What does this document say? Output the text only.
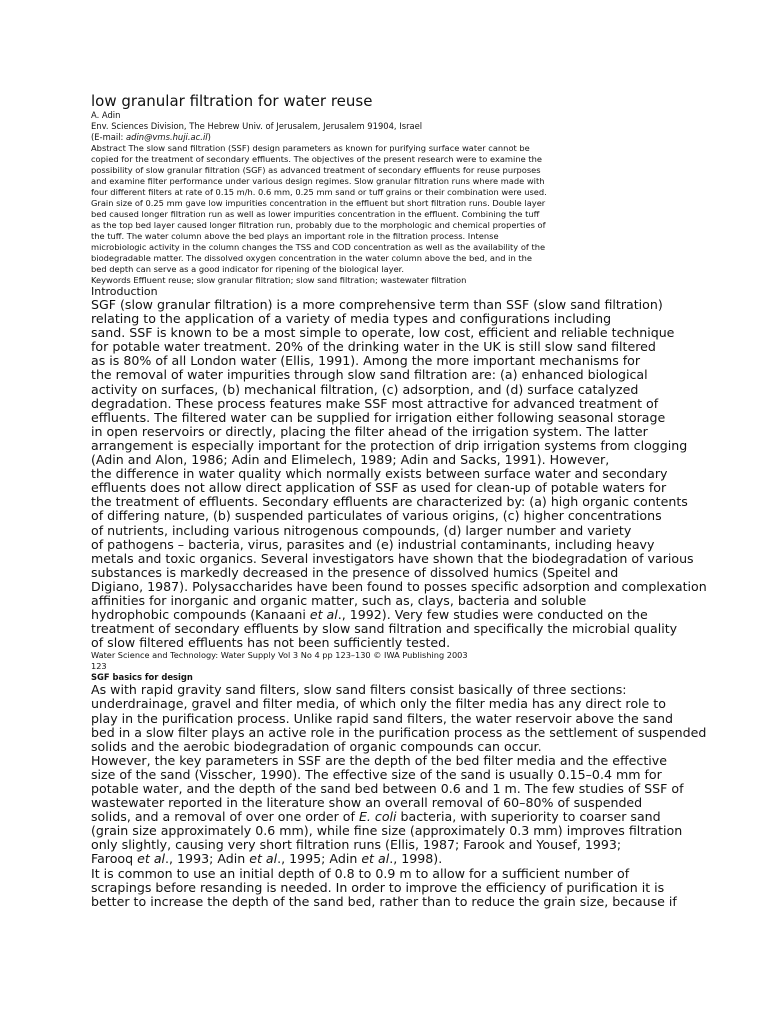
low granular filtration for water reuse

A. Adin

Env. Sciences Division, The Hebrew Univ. of Jerusalem, Jerusalem 91904, Israel

(E-mail: adin@vms.huji.ac.il)

Abstract The slow sand filtration (SSF) design parameters as known for purifying surface water cannot be

copied for the treatment of secondary effluents. The objectives of the present research were to examine the

possibility of slow granular filtration (SGF) as advanced treatment of secondary effluents for reuse purposes

and examine filter performance under various design regimes. Slow granular filtration runs where made with

four different filters at rate of 0.15 m/h. 0.6 mm, 0.25 mm sand or tuff grains or their combination were used.

Grain size of 0.25 mm gave low impurities concentration in the effluent but short filtration runs. Double layer

bed caused longer filtration run as well as lower impurities concentration in the effluent. Combining the tuff

as the top bed layer caused longer filtration run, probably due to the morphologic and chemical properties of

the tuff. The water column above the bed plays an important role in the filtration process. Intense

microbiologic activity in the column changes the TSS and COD concentration as well as the availability of the

biodegradable matter. The dissolved oxygen concentration in the water column above the bed, and in the

bed depth can serve as a good indicator for ripening of the biological layer.

Keywords Effluent reuse; slow granular filtration; slow sand filtration; wastewater filtration

Introduction

SGF (slow granular filtration) is a more comprehensive term than SSF (slow sand filtration)

relating to the application of a variety of media types and configurations including

sand. SSF is known to be a most simple to operate, low cost, efficient and reliable technique

for potable water treatment. 20% of the drinking water in the UK is still slow sand filtered

as is 80% of all London water (Ellis, 1991). Among the more important mechanisms for

the removal of water impurities through slow sand filtration are: (a) enhanced biological

activity on surfaces, (b) mechanical filtration, (c) adsorption, and (d) surface catalyzed

degradation. These process features make SSF most attractive for advanced treatment of

effluents. The filtered water can be supplied for irrigation either following seasonal storage

in open reservoirs or directly, placing the filter ahead of the irrigation system. The latter

arrangement is especially important for the protection of drip irrigation systems from clogging

(Adin and Alon, 1986; Adin and Elimelech, 1989; Adin and Sacks, 1991). However,

the difference in water quality which normally exists between surface water and secondary

effluents does not allow direct application of SSF as used for clean-up of potable waters for

the treatment of effluents. Secondary effluents are characterized by: (a) high organic contents

of differing nature, (b) suspended particulates of various origins, (c) higher concentrations

of nutrients, including various nitrogenous compounds, (d) larger number and variety

of pathogens – bacteria, virus, parasites and (e) industrial contaminants, including heavy

metals and toxic organics. Several investigators have shown that the biodegradation of various

substances is markedly decreased in the presence of dissolved humics (Speitel and

Digiano, 1987). Polysaccharides have been found to posses specific adsorption and complexation

affinities for inorganic and organic matter, such as, clays, bacteria and soluble

hydrophobic compounds (Kanaani et al., 1992). Very few studies were conducted on the

treatment of secondary effluents by slow sand filtration and specifically the microbial quality

of slow filtered effluents has not been sufficiently tested.

Water Science and Technology: Water Supply Vol 3 No 4 pp 123–130 © IWA Publishing 2003
123
SGF basics for design

As with rapid gravity sand filters, slow sand filters consist basically of three sections:

underdrainage, gravel and filter media, of which only the filter media has any direct role to

play in the purification process. Unlike rapid sand filters, the water reservoir above the sand

bed in a slow filter plays an active role in the purification process as the settlement of suspended

solids and the aerobic biodegradation of organic compounds can occur.

However, the key parameters in SSF are the depth of the bed filter media and the effective

size of the sand (Visscher, 1990). The effective size of the sand is usually 0.15–0.4 mm for

potable water, and the depth of the sand bed between 0.6 and 1 m. The few studies of SSF of

wastewater reported in the literature show an overall removal of 60–80% of suspended

solids, and a removal of over one order of E. coli bacteria, with superiority to coarser sand

(grain size approximately 0.6 mm), while fine size (approximately 0.3 mm) improves filtration

only slightly, causing very short filtration runs (Ellis, 1987; Farook and Yousef, 1993;

Farooq et al., 1993; Adin et al., 1995; Adin et al., 1998).

It is common to use an initial depth of 0.8 to 0.9 m to allow for a sufficient number of

scrapings before resanding is needed. In order to improve the efficiency of purification it is

better to increase the depth of the sand bed, rather than to reduce the grain size, because if
